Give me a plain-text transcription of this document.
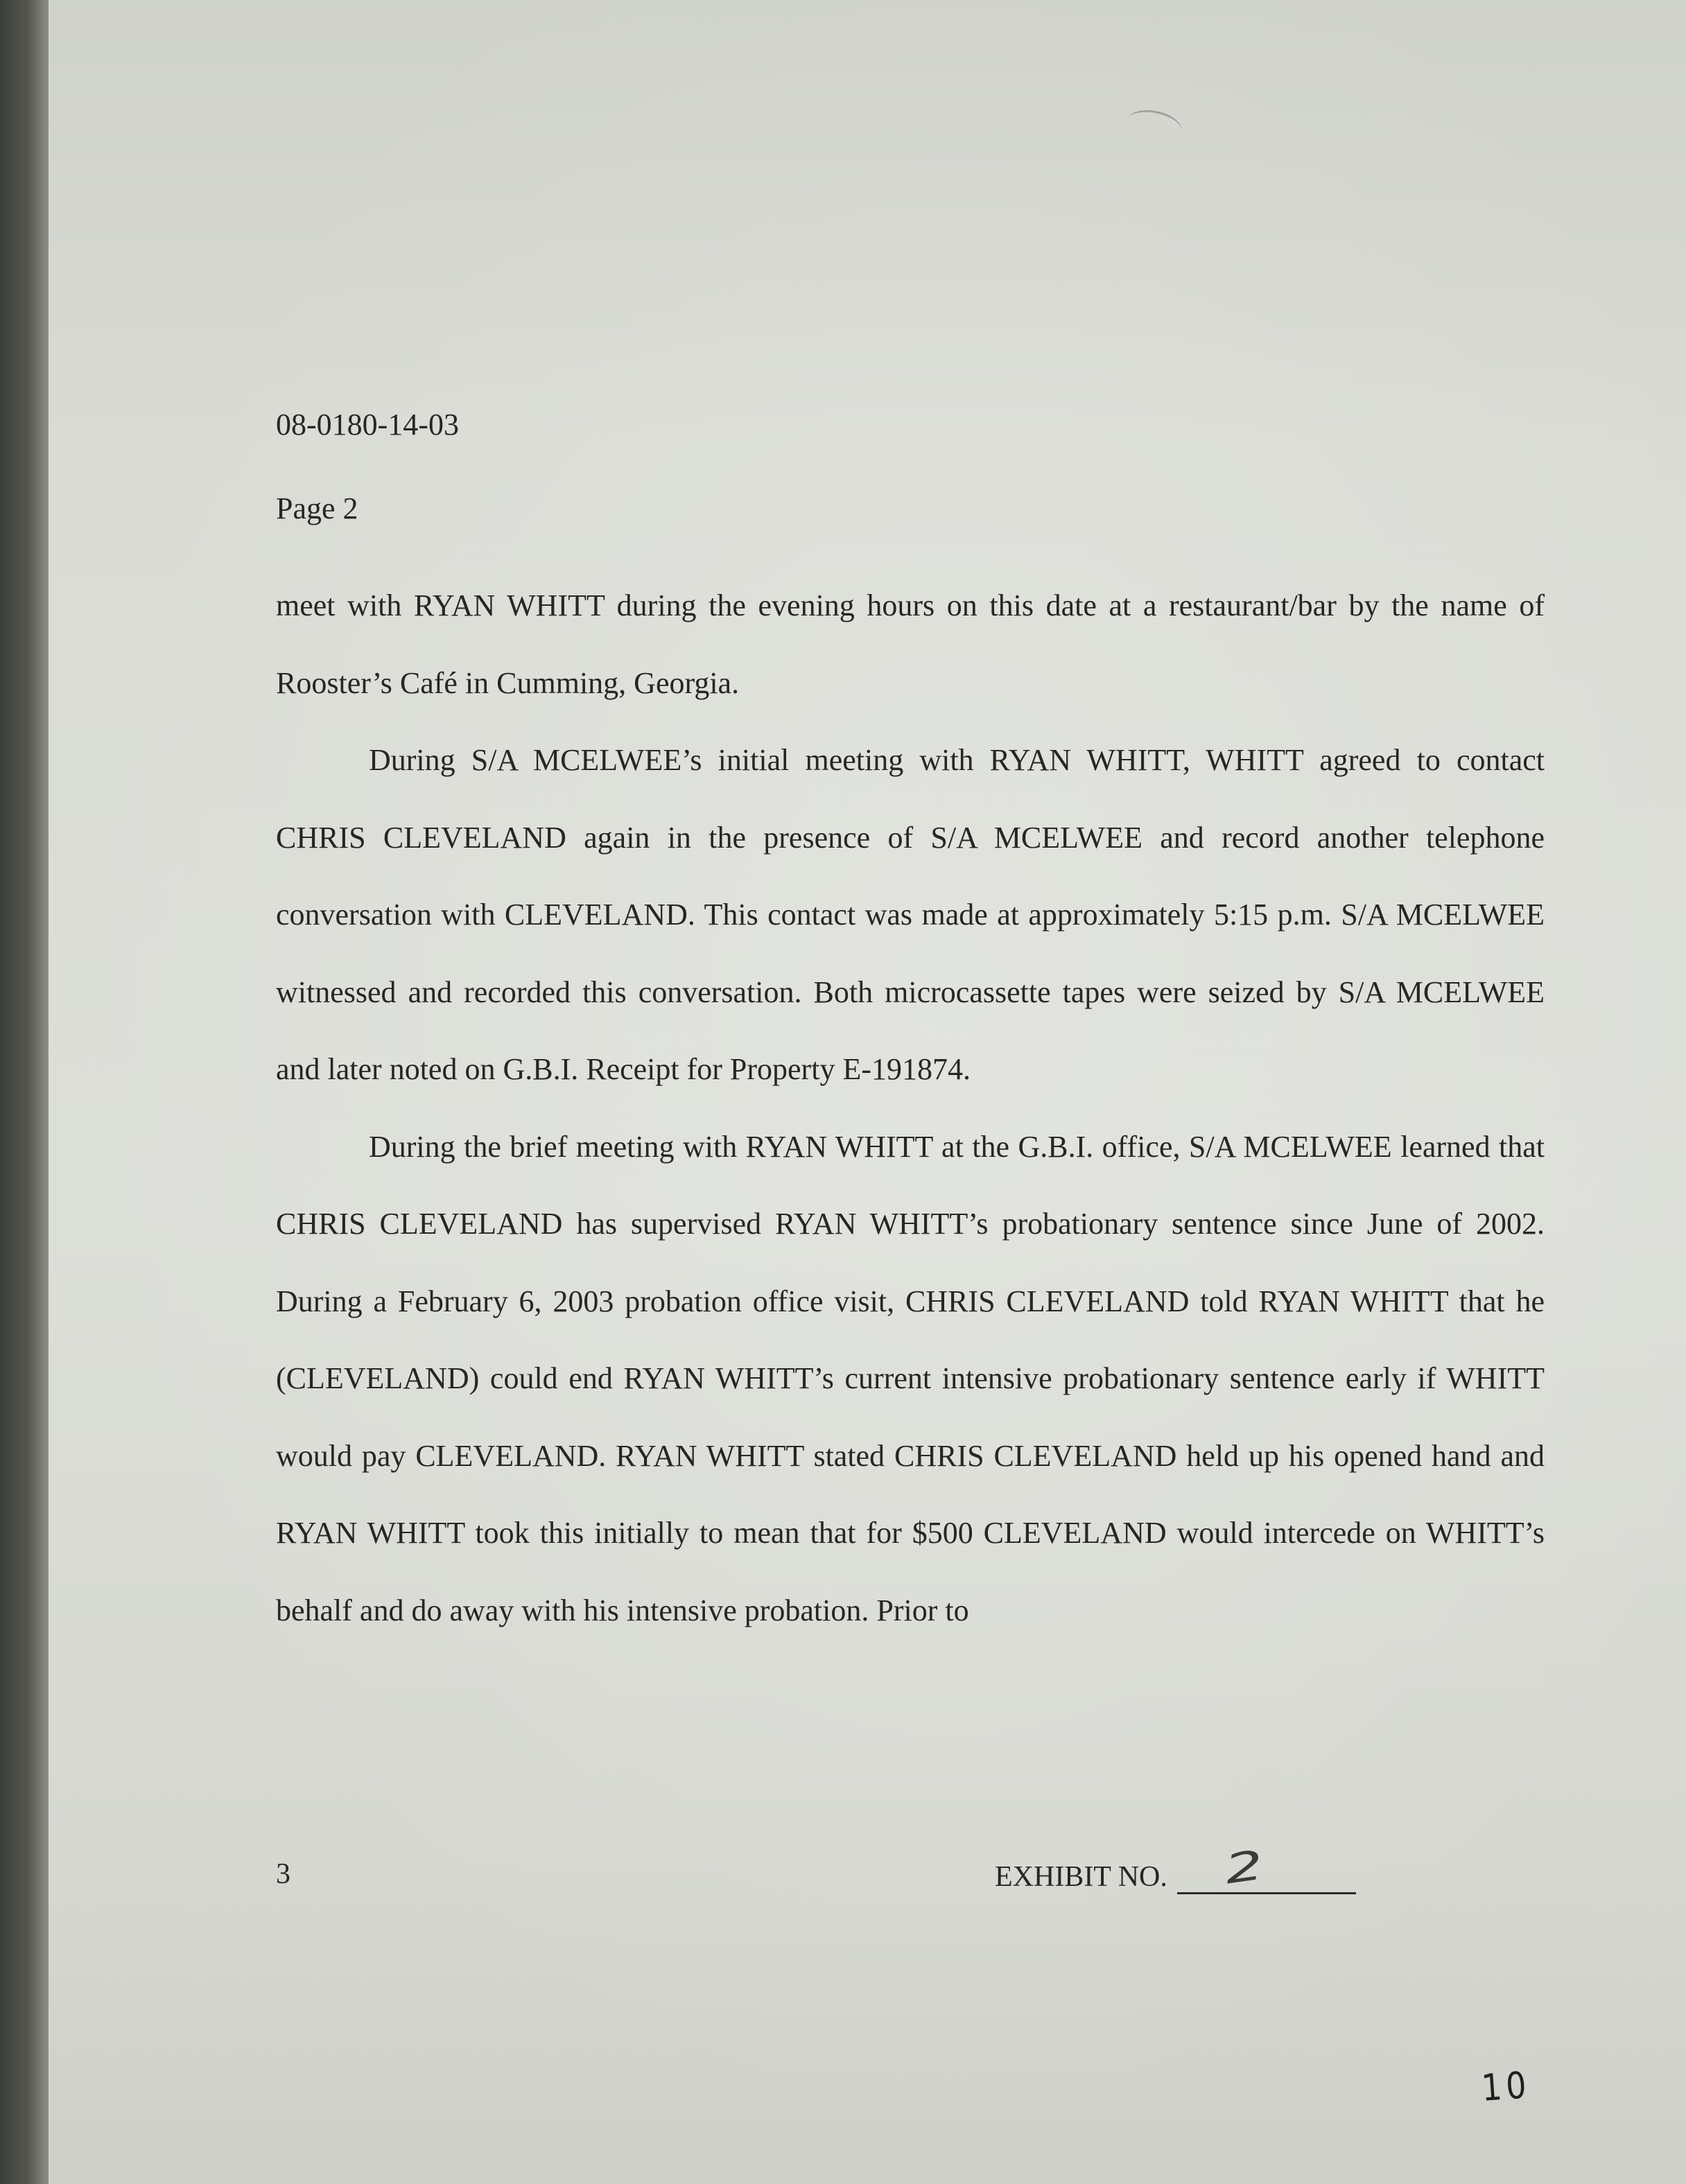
08-0180-14-03
Page 2

meet with RYAN WHITT during the evening hours on this date at a restaurant/bar by the name of Rooster’s Café in Cumming, Georgia.

During S/A MCELWEE’s initial meeting with RYAN WHITT, WHITT agreed to contact CHRIS CLEVELAND again in the presence of S/A MCELWEE and record another telephone conversation with CLEVELAND. This contact was made at approximately 5:15 p.m. S/A MCELWEE witnessed and recorded this conversation. Both microcassette tapes were seized by S/A MCELWEE and later noted on G.B.I. Receipt for Property E-191874.

During the brief meeting with RYAN WHITT at the G.B.I. office, S/A MCELWEE learned that CHRIS CLEVELAND has supervised RYAN WHITT’s probationary sentence since June of 2002. During a February 6, 2003 probation office visit, CHRIS CLEVELAND told RYAN WHITT that he (CLEVELAND) could end RYAN WHITT’s current intensive probationary sentence early if WHITT would pay CLEVELAND. RYAN WHITT stated CHRIS CLEVELAND held up his opened hand and RYAN WHITT took this initially to mean that for $500 CLEVELAND would intercede on WHITT’s behalf and do away with his intensive probation. Prior to

3	EXHIBIT NO. 2
10
